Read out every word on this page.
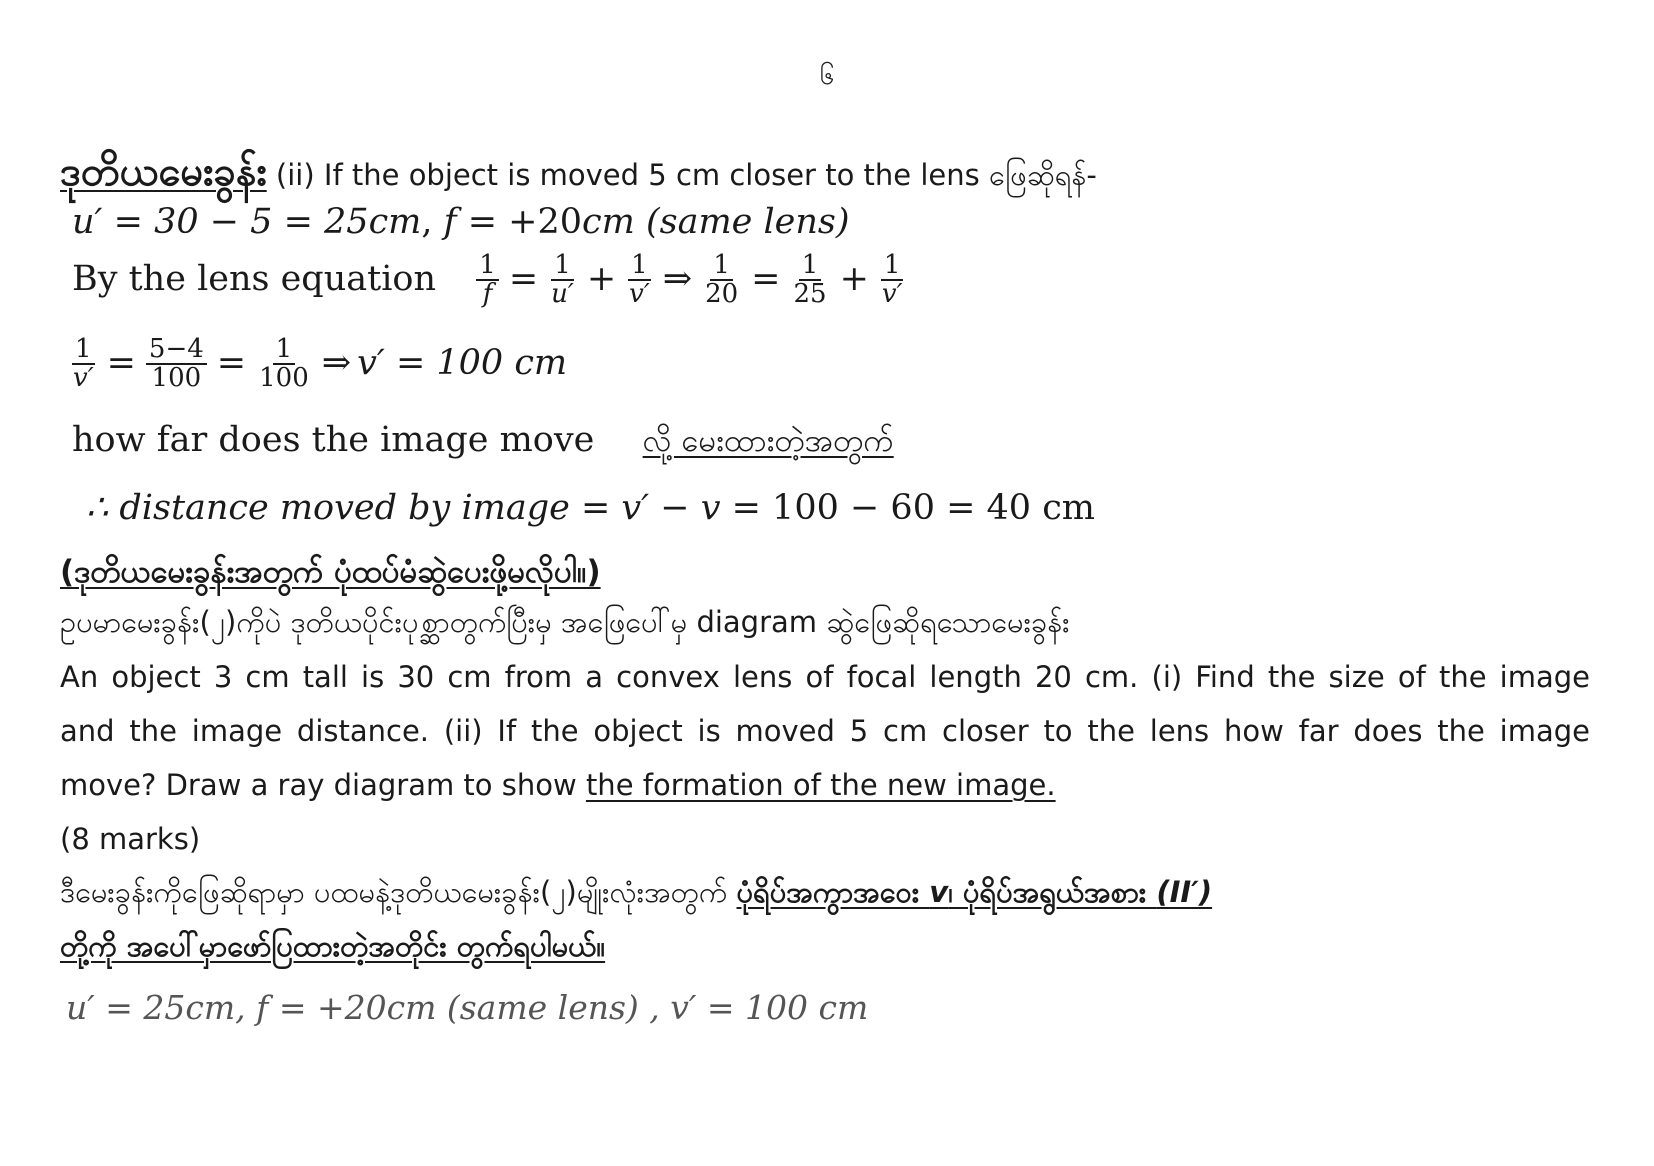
၆
ဒုတိယမေးခွန်း (ii) If the object is moved 5 cm closer to the lens ဖြေဆိုရန်-
u′ = 30 − 5 = 25cm, f = +20cm (same lens)
By the lens equation $\frac{1}{f} = \frac{1}{u'} + \frac{1}{v'}$ ⇒ $\frac{1}{20} = \frac{1}{25} + \frac{1}{v'}$
$\frac{1}{v'} = \frac{5-4}{100} = \frac{1}{100}$ ⇒ v′ = 100 cm
how far does the image move လို့ မေးထားတဲ့အတွက်
∴ distance moved by image = v′ − v = 100 − 60 = 40 cm
(ဒုတိယမေးခွန်းအတွက် ပုံထပ်မံဆွဲပေးဖို့မလိုပါ။)
ဥပမာမေးခွန်း(၂)ကိုပဲ ဒုတိယပိုင်းပုစ္ဆာတွက်ပြီးမှ အဖြေပေါ်မှ diagram ဆွဲဖြေဆိုရသောမေးခွန်း
An object 3 cm tall is 30 cm from a convex lens of focal length 20 cm. (i) Find the size of the image
and the image distance. (ii) If the object is moved 5 cm closer to the lens how far does the image
move? Draw a ray diagram to show the formation of the new image.
(8 marks)
ဒီမေးခွန်းကိုဖြေဆိုရာမှာ ပထမနဲ့ဒုတိယမေးခွန်း(၂)မျိုးလုံးအတွက် ပုံရိပ်အကွာအဝေး v၊ ပုံရိပ်အရွယ်အစား (II′)
တို့ကို အပေါ်မှာဖော်ပြထားတဲ့အတိုင်း တွက်ရပါမယ်။
u′ = 25cm, f = +20cm (same lens) , v′ = 100 cm
